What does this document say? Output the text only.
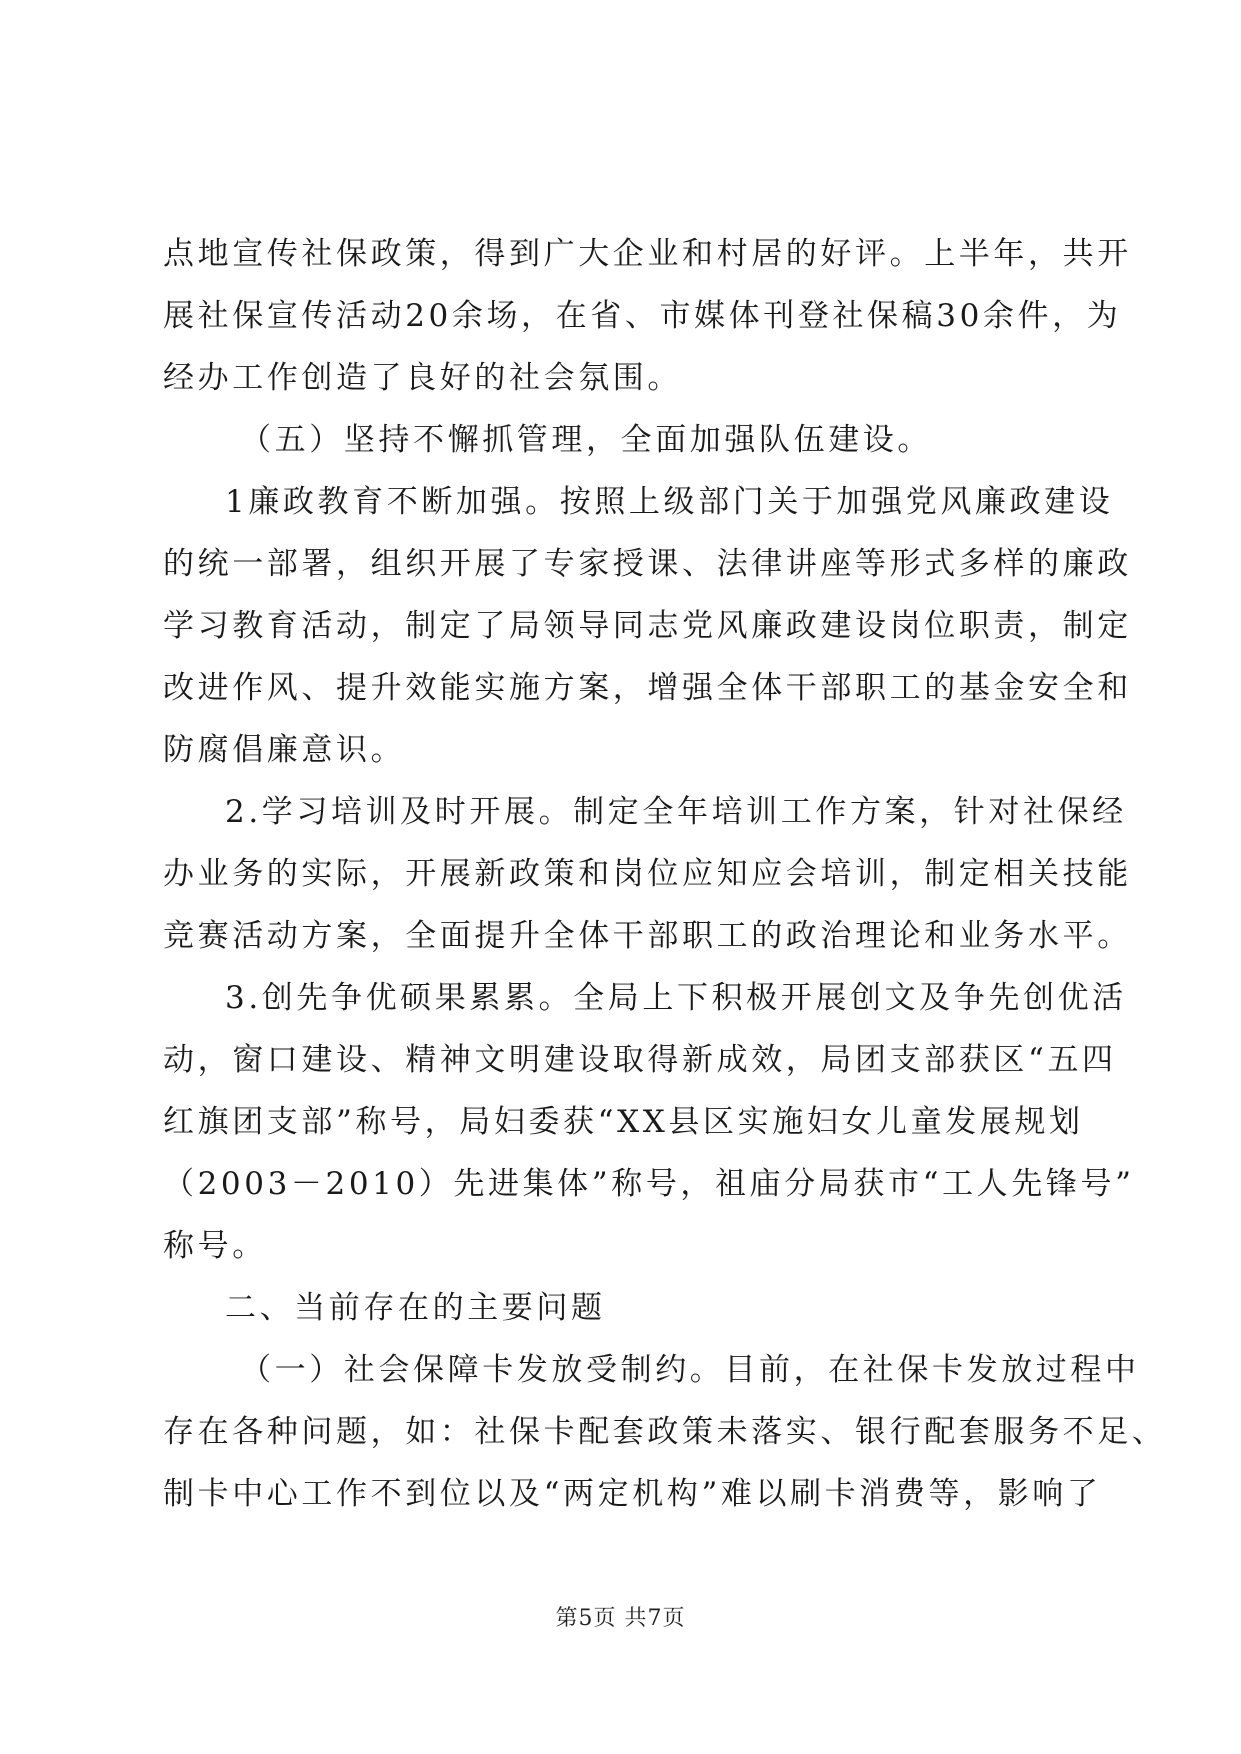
点地宣传社保政策，得到广大企业和村居的好评。上半年，共开
展社保宣传活动20余场，在省、市媒体刊登社保稿30余件，为
经办工作创造了良好的社会氛围。
（五）坚持不懈抓管理，全面加强队伍建设。
1廉政教育不断加强。按照上级部门关于加强党风廉政建设
的统一部署，组织开展了专家授课、法律讲座等形式多样的廉政
学习教育活动，制定了局领导同志党风廉政建设岗位职责，制定
改进作风、提升效能实施方案，增强全体干部职工的基金安全和
防腐倡廉意识。
2.学习培训及时开展。制定全年培训工作方案，针对社保经
办业务的实际，开展新政策和岗位应知应会培训，制定相关技能
竞赛活动方案，全面提升全体干部职工的政治理论和业务水平。
3.创先争优硕果累累。全局上下积极开展创文及争先创优活
动，窗口建设、精神文明建设取得新成效，局团支部获区“五四
红旗团支部”称号，局妇委获“XX县区实施妇女儿童发展规划
（2003－2010）先进集体”称号，祖庙分局获市“工人先锋号”
称号。
二、当前存在的主要问题
（一）社会保障卡发放受制约。目前，在社保卡发放过程中
存在各种问题，如：社保卡配套政策未落实、银行配套服务不足、
制卡中心工作不到位以及“两定机构”难以刷卡消费等，影响了
第5页 共7页
